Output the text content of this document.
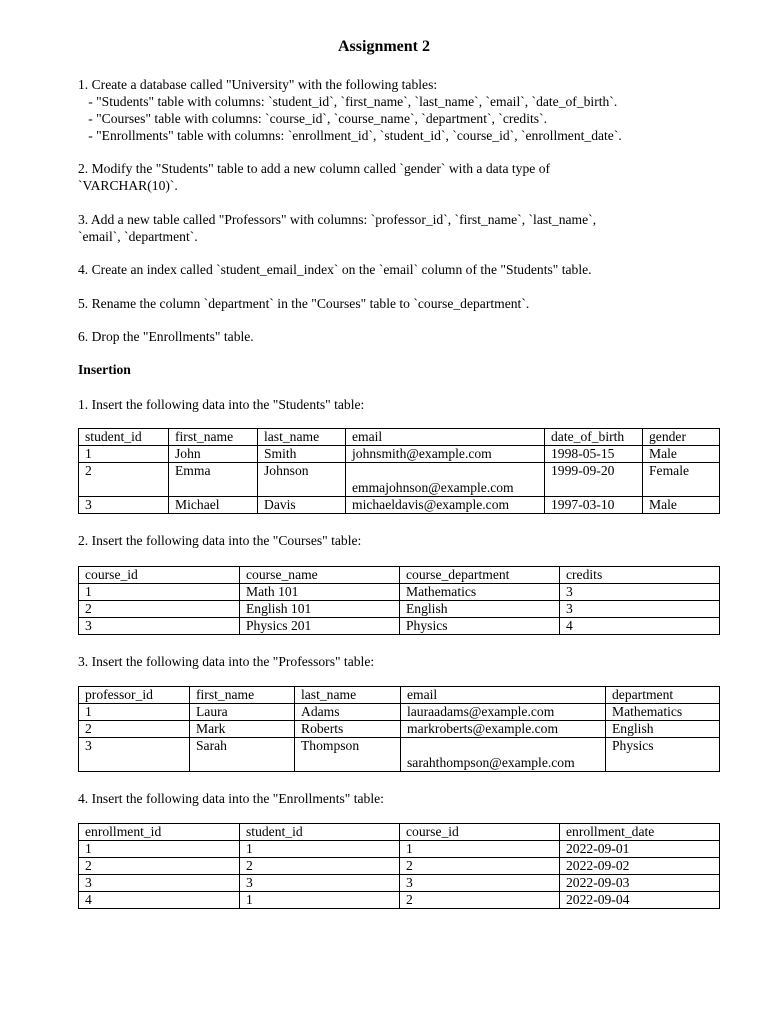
Assignment 2
1. Create a database called "University" with the following tables:
- "Students" table with columns: `student_id`, `first_name`, `last_name`, `email`, `date_of_birth`.
- "Courses" table with columns: `course_id`, `course_name`, `department`, `credits`.
- "Enrollments" table with columns: `enrollment_id`, `student_id`, `course_id`, `enrollment_date`.
2. Modify the "Students" table to add a new column called `gender` with a data type of
`VARCHAR(10)`.
3. Add a new table called "Professors" with columns: `professor_id`, `first_name`, `last_name`,
`email`, `department`.
4. Create an index called `student_email_index` on the `email` column of the "Students" table.
5. Rename the column `department` in the "Courses" table to `course_department`.
6. Drop the "Enrollments" table.
Insertion
1. Insert the following data into the "Students" table:
student_id	first_name	last_name	email	date_of_birth	gender
1	John	Smith	johnsmith@example.com	1998-05-15	Male
2	Emma	Johnson	emmajohnson@example.com	1999-09-20	Female
3	Michael	Davis	michaeldavis@example.com	1997-03-10	Male
2. Insert the following data into the "Courses" table:
course_id	course_name	course_department	credits
1	Math 101	Mathematics	3
2	English 101	English	3
3	Physics 201	Physics	4
3. Insert the following data into the "Professors" table:
professor_id	first_name	last_name	email	department
1	Laura	Adams	lauraadams@example.com	Mathematics
2	Mark	Roberts	markroberts@example.com	English
3	Sarah	Thompson	sarahthompson@example.com	Physics
4. Insert the following data into the "Enrollments" table:
enrollment_id	student_id	course_id	enrollment_date
1	1	1	2022-09-01
2	2	2	2022-09-02
3	3	3	2022-09-03
4	1	2	2022-09-04
